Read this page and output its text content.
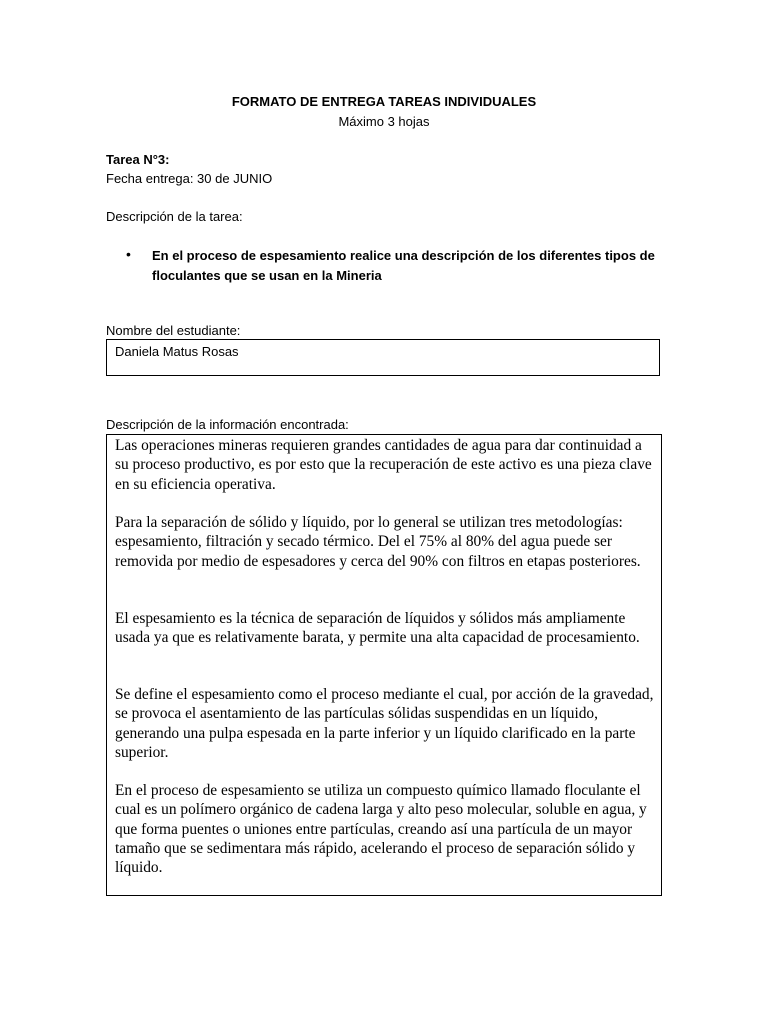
FORMATO DE ENTREGA TAREAS INDIVIDUALES
Máximo 3 hojas
Tarea N°3:
Fecha entrega: 30 de JUNIO
Descripción de la tarea:
• En el proceso de espesamiento realice una descripción de los diferentes tipos de floculantes que se usan en la Mineria
Nombre del estudiante:
Daniela Matus Rosas
Descripción de la información encontrada:
Las operaciones mineras requieren grandes cantidades de agua para dar continuidad a su proceso productivo, es por esto que la recuperación de este activo es una pieza clave en su eficiencia operativa.
Para la separación de sólido y líquido, por lo general se utilizan tres metodologías: espesamiento, filtración y secado térmico. Del el 75% al 80% del agua puede ser removida por medio de espesadores y cerca del 90% con filtros en etapas posteriores.
El espesamiento es la técnica de separación de líquidos y sólidos más ampliamente usada ya que es relativamente barata, y permite una alta capacidad de procesamiento.
Se define el espesamiento como el proceso mediante el cual, por acción de la gravedad, se provoca el asentamiento de las partículas sólidas suspendidas en un líquido, generando una pulpa espesada en la parte inferior y un líquido clarificado en la parte superior.
En el proceso de espesamiento se utiliza un compuesto químico llamado floculante el cual es un polímero orgánico de cadena larga y alto peso molecular, soluble en agua, y que forma puentes o uniones entre partículas, creando así una partícula de un mayor tamaño que se sedimentara más rápido, acelerando el proceso de separación sólido y líquido.
